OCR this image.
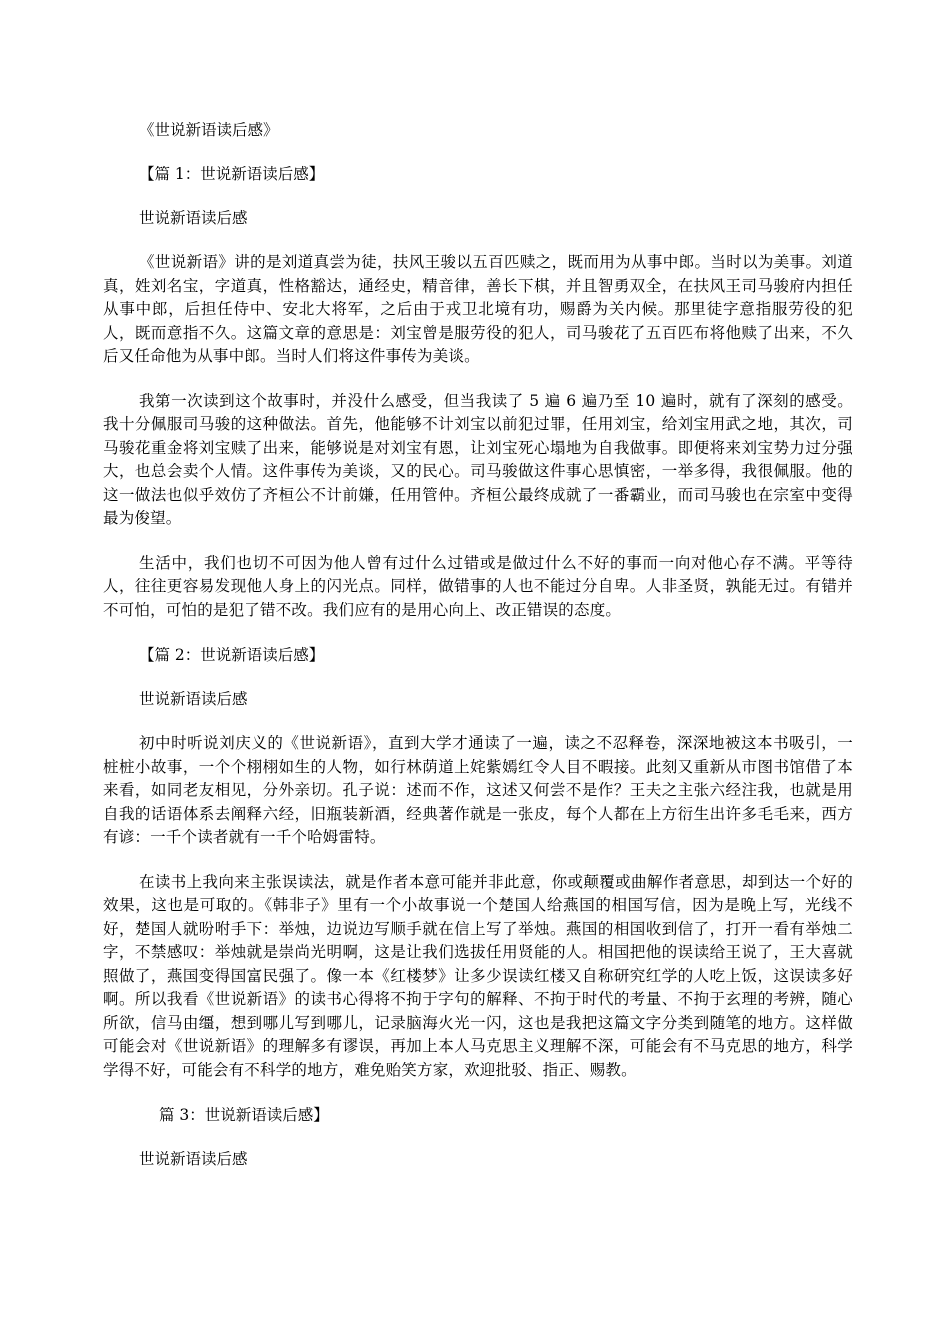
《世说新语读后感》

【篇 1：世说新语读后感】

世说新语读后感

《世说新语》讲的是刘道真尝为徒，扶风王骏以五百匹赎之，既而用为从事中郎。当时以为美事。刘道真，姓刘名宝，字道真，性格豁达，通经史，精音律，善长下棋，并且智勇双全，在扶风王司马骏府内担任从事中郎，后担任侍中、安北大将军，之后由于戎卫北境有功，赐爵为关内候。那里徒字意指服劳役的犯人，既而意指不久。这篇文章的意思是：刘宝曾是服劳役的犯人，司马骏花了五百匹布将他赎了出来，不久后又任命他为从事中郎。当时人们将这件事传为美谈。

我第一次读到这个故事时，并没什么感受，但当我读了 5 遍 6 遍乃至 10 遍时，就有了深刻的感受。我十分佩服司马骏的这种做法。首先，他能够不计刘宝以前犯过罪，任用刘宝，给刘宝用武之地，其次，司马骏花重金将刘宝赎了出来，能够说是对刘宝有恩，让刘宝死心塌地为自我做事。即便将来刘宝势力过分强大，也总会卖个人情。这件事传为美谈，又的民心。司马骏做这件事心思慎密，一举多得，我很佩服。他的这一做法也似乎效仿了齐桓公不计前嫌，任用管仲。齐桓公最终成就了一番霸业，而司马骏也在宗室中变得最为俊望。

生活中，我们也切不可因为他人曾有过什么过错或是做过什么不好的事而一向对他心存不满。平等待人，往往更容易发现他人身上的闪光点。同样，做错事的人也不能过分自卑。人非圣贤，孰能无过。有错并不可怕，可怕的是犯了错不改。我们应有的是用心向上、改正错误的态度。

【篇 2：世说新语读后感】

世说新语读后感

初中时听说刘庆义的《世说新语》，直到大学才通读了一遍，读之不忍释卷，深深地被这本书吸引，一桩桩小故事，一个个栩栩如生的人物，如行林荫道上姹紫嫣红令人目不暇接。此刻又重新从市图书馆借了本来看，如同老友相见，分外亲切。孔子说：述而不作，这述又何尝不是作？王夫之主张六经注我，也就是用自我的话语体系去阐释六经，旧瓶装新酒，经典著作就是一张皮，每个人都在上方衍生出许多毛毛来，西方有谚：一千个读者就有一千个哈姆雷特。

在读书上我向来主张误读法，就是作者本意可能并非此意，你或颠覆或曲解作者意思，却到达一个好的效果，这也是可取的。《韩非子》里有一个小故事说一个楚国人给燕国的相国写信，因为是晚上写，光线不好，楚国人就吩咐手下：举烛，边说边写顺手就在信上写了举烛。燕国的相国收到信了，打开一看有举烛二字，不禁感叹：举烛就是崇尚光明啊，这是让我们选拔任用贤能的人。相国把他的误读给王说了，王大喜就照做了，燕国变得国富民强了。像一本《红楼梦》让多少误读红楼又自称研究红学的人吃上饭，这误读多好啊。所以我看《世说新语》的读书心得将不拘于字句的解释、不拘于时代的考量、不拘于玄理的考辨，随心所欲，信马由缰，想到哪儿写到哪儿，记录脑海火光一闪，这也是我把这篇文字分类到随笔的地方。这样做可能会对《世说新语》的理解多有谬误，再加上本人马克思主义理解不深，可能会有不马克思的地方，科学学得不好，可能会有不科学的地方，难免贻笑方家，欢迎批驳、指正、赐教。

篇 3：世说新语读后感】

世说新语读后感
